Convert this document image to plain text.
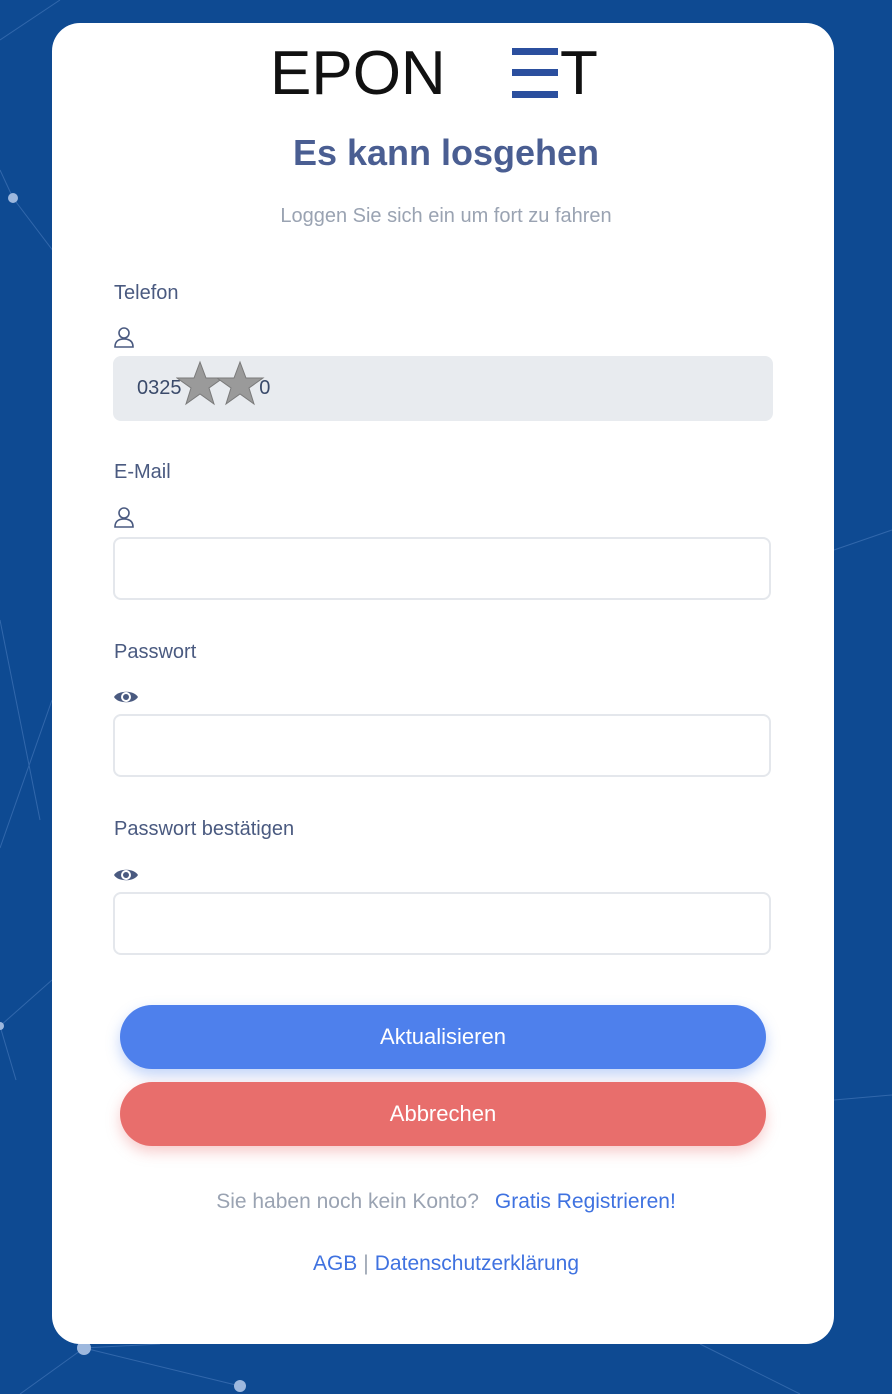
EPON T
Es kann losgehen
Loggen Sie sich ein um fort zu fahren
Telefon
0325 76 0
E-Mail
Passwort
Passwort bestätigen
Aktualisieren
Abbrechen
Sie haben noch kein Konto? Gratis Registrieren!
AGB | Datenschutzerklärung
